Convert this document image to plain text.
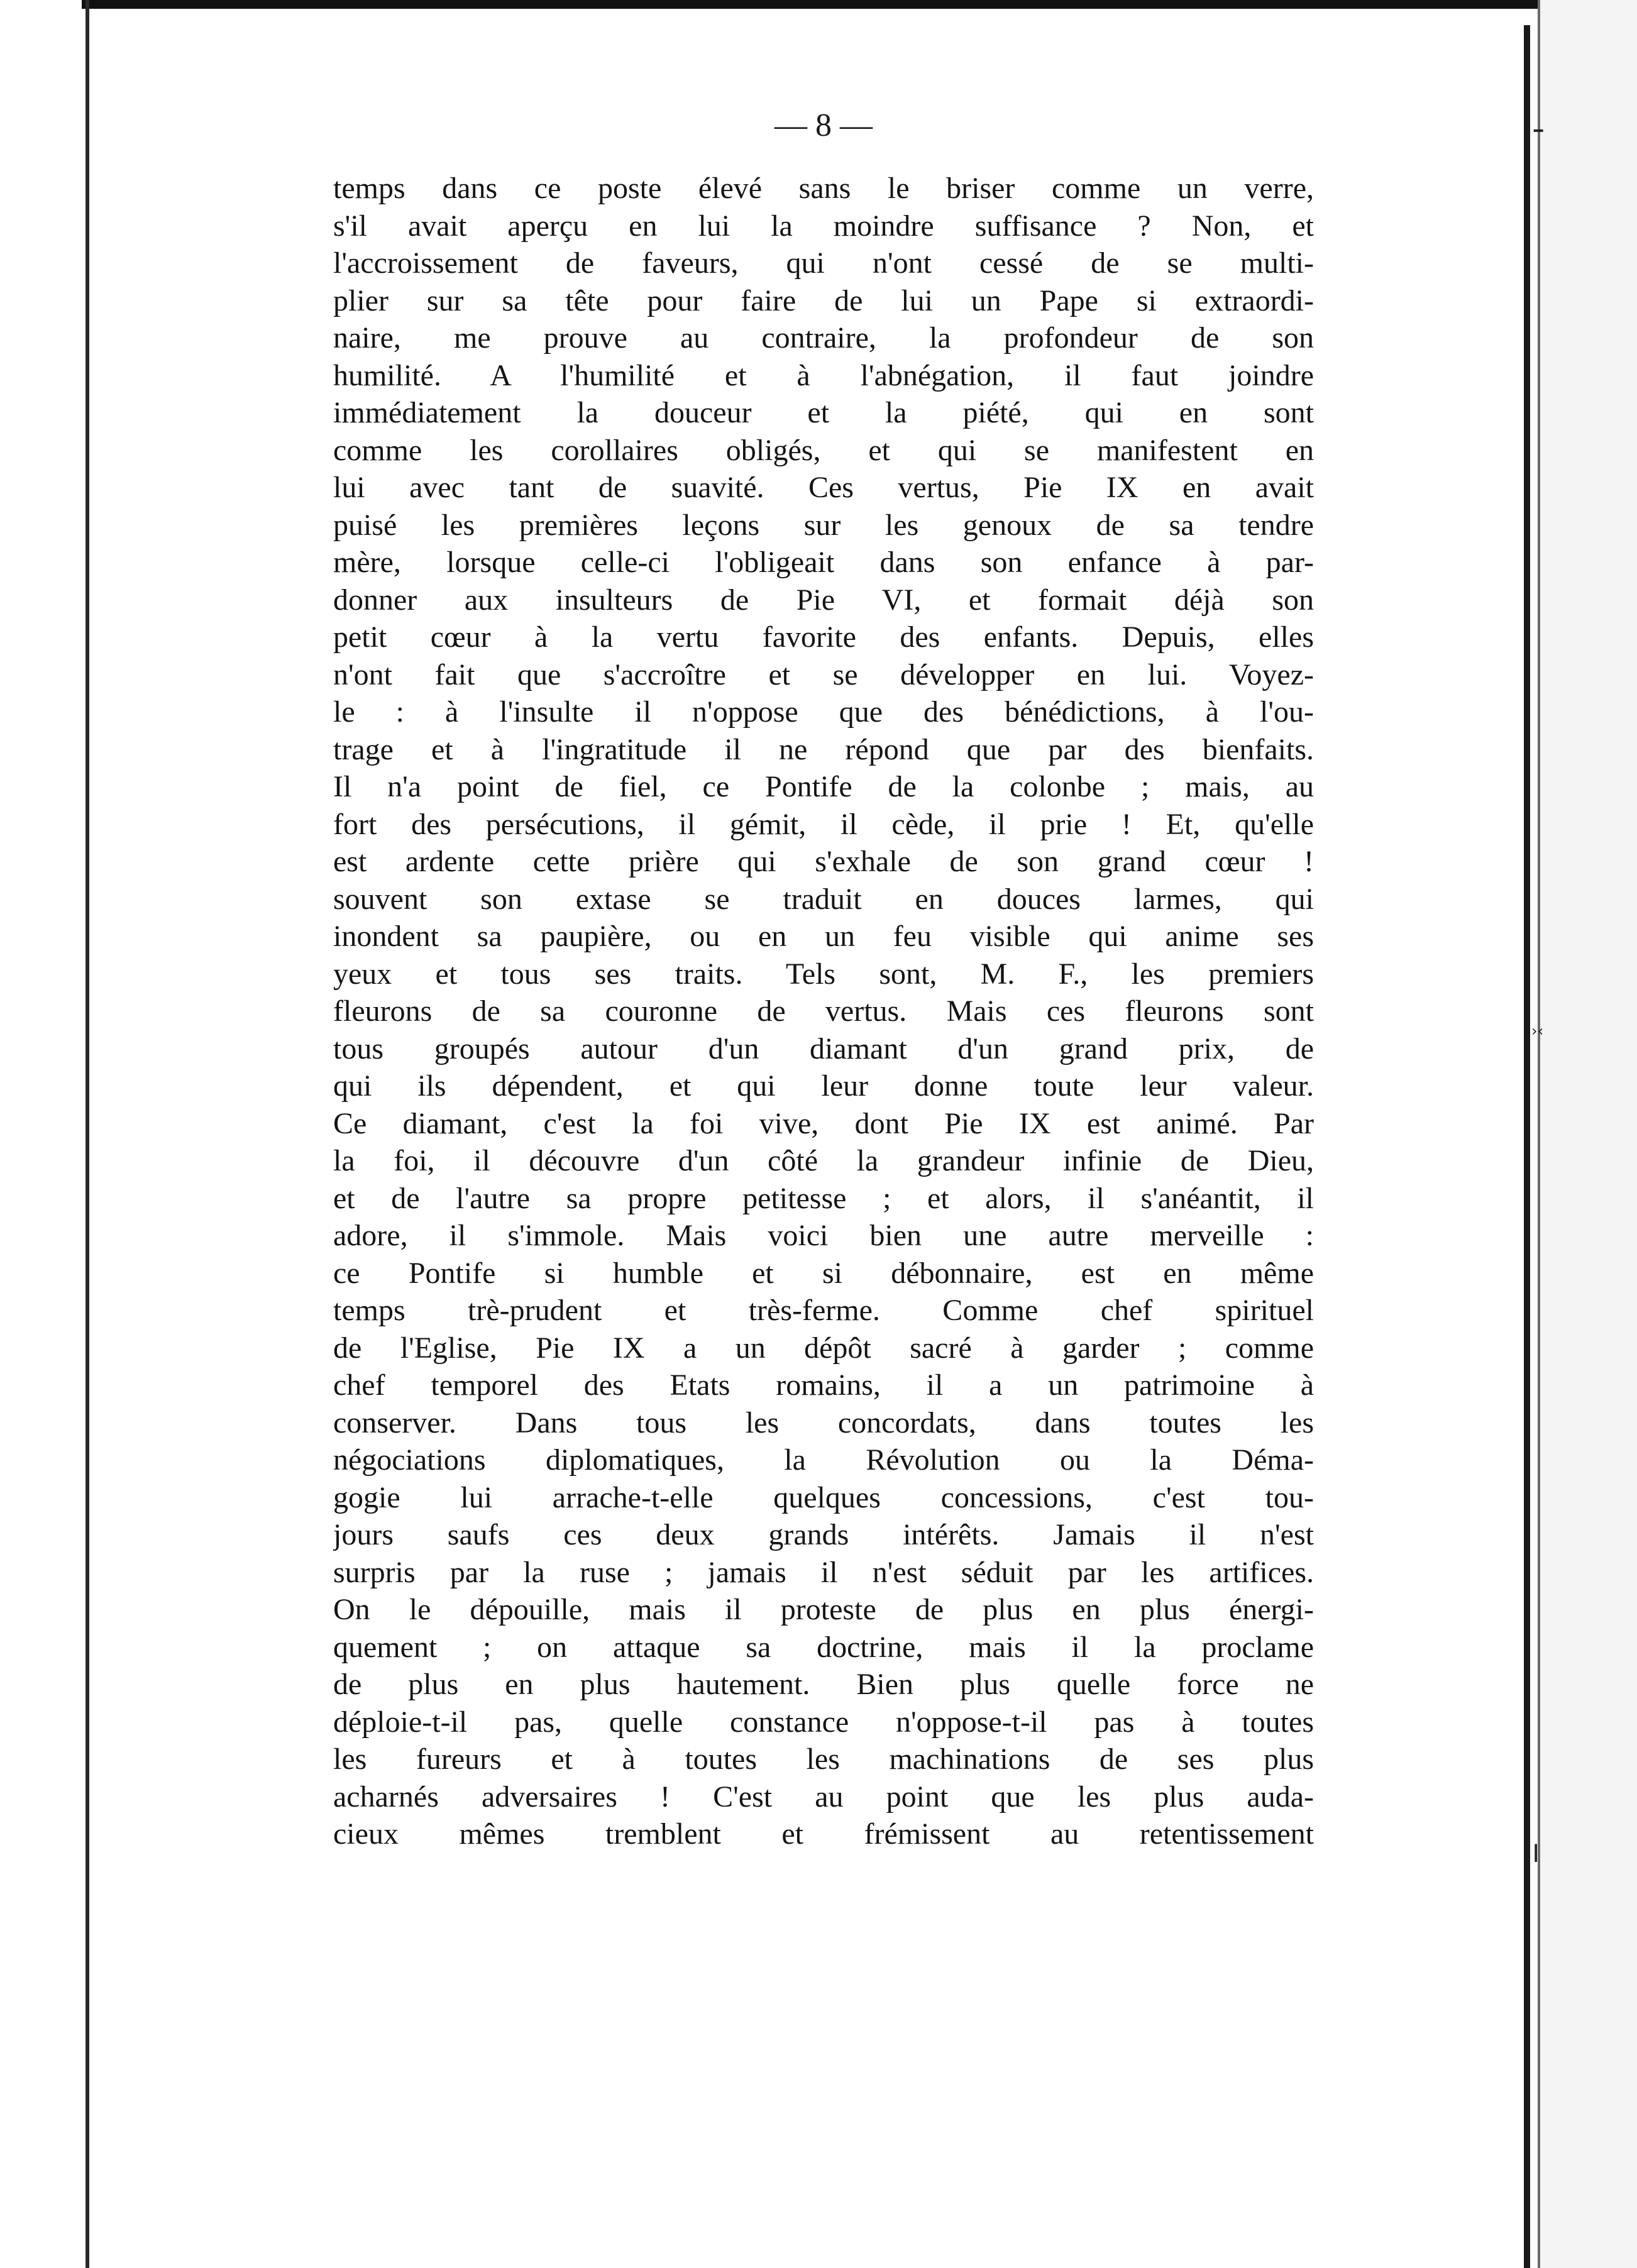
━
›‹
┃
— 8 —
temps dans ce poste élevé sans le briser comme un verre,
s'il avait aperçu en lui la moindre suffisance ? Non, et
l'accroissement de faveurs, qui n'ont cessé de se multi-
plier sur sa tête pour faire de lui un Pape si extraordi-
naire, me prouve au contraire, la profondeur de son
humilité. A l'humilité et à l'abnégation, il faut joindre
immédiatement la douceur et la piété, qui en sont
comme les corollaires obligés, et qui se manifestent en
lui avec tant de suavité. Ces vertus, Pie IX en avait
puisé les premières leçons sur les genoux de sa tendre
mère, lorsque celle-ci l'obligeait dans son enfance à par-
donner aux insulteurs de Pie VI, et formait déjà son
petit cœur à la vertu favorite des enfants. Depuis, elles
n'ont fait que s'accroître et se développer en lui. Voyez-
le : à l'insulte il n'oppose que des bénédictions, à l'ou-
trage et à l'ingratitude il ne répond que par des bienfaits.
Il n'a point de fiel, ce Pontife de la colonbe ; mais, au
fort des persécutions, il gémit, il cède, il prie ! Et, qu'elle
est ardente cette prière qui s'exhale de son grand cœur !
souvent son extase se traduit en douces larmes, qui
inondent sa paupière, ou en un feu visible qui anime ses
yeux et tous ses traits. Tels sont, M. F., les premiers
fleurons de sa couronne de vertus. Mais ces fleurons sont
tous groupés autour d'un diamant d'un grand prix, de
qui ils dépendent, et qui leur donne toute leur valeur.
Ce diamant, c'est la foi vive, dont Pie IX est animé. Par
la foi, il découvre d'un côté la grandeur infinie de Dieu,
et de l'autre sa propre petitesse ; et alors, il s'anéantit, il
adore, il s'immole. Mais voici bien une autre merveille :
ce Pontife si humble et si débonnaire, est en même
temps trè-prudent et très-ferme. Comme chef spirituel
de l'Eglise, Pie IX a un dépôt sacré à garder ; comme
chef temporel des Etats romains, il a un patrimoine à
conserver. Dans tous les concordats, dans toutes les
négociations diplomatiques, la Révolution ou la Déma-
gogie lui arrache-t-elle quelques concessions, c'est tou-
jours saufs ces deux grands intérêts. Jamais il n'est
surpris par la ruse ; jamais il n'est séduit par les artifices.
On le dépouille, mais il proteste de plus en plus énergi-
quement ; on attaque sa doctrine, mais il la proclame
de plus en plus hautement. Bien plus quelle force ne
déploie-t-il pas, quelle constance n'oppose-t-il pas à toutes
les fureurs et à toutes les machinations de ses plus
acharnés adversaires ! C'est au point que les plus auda-
cieux mêmes tremblent et frémissent au retentissement
